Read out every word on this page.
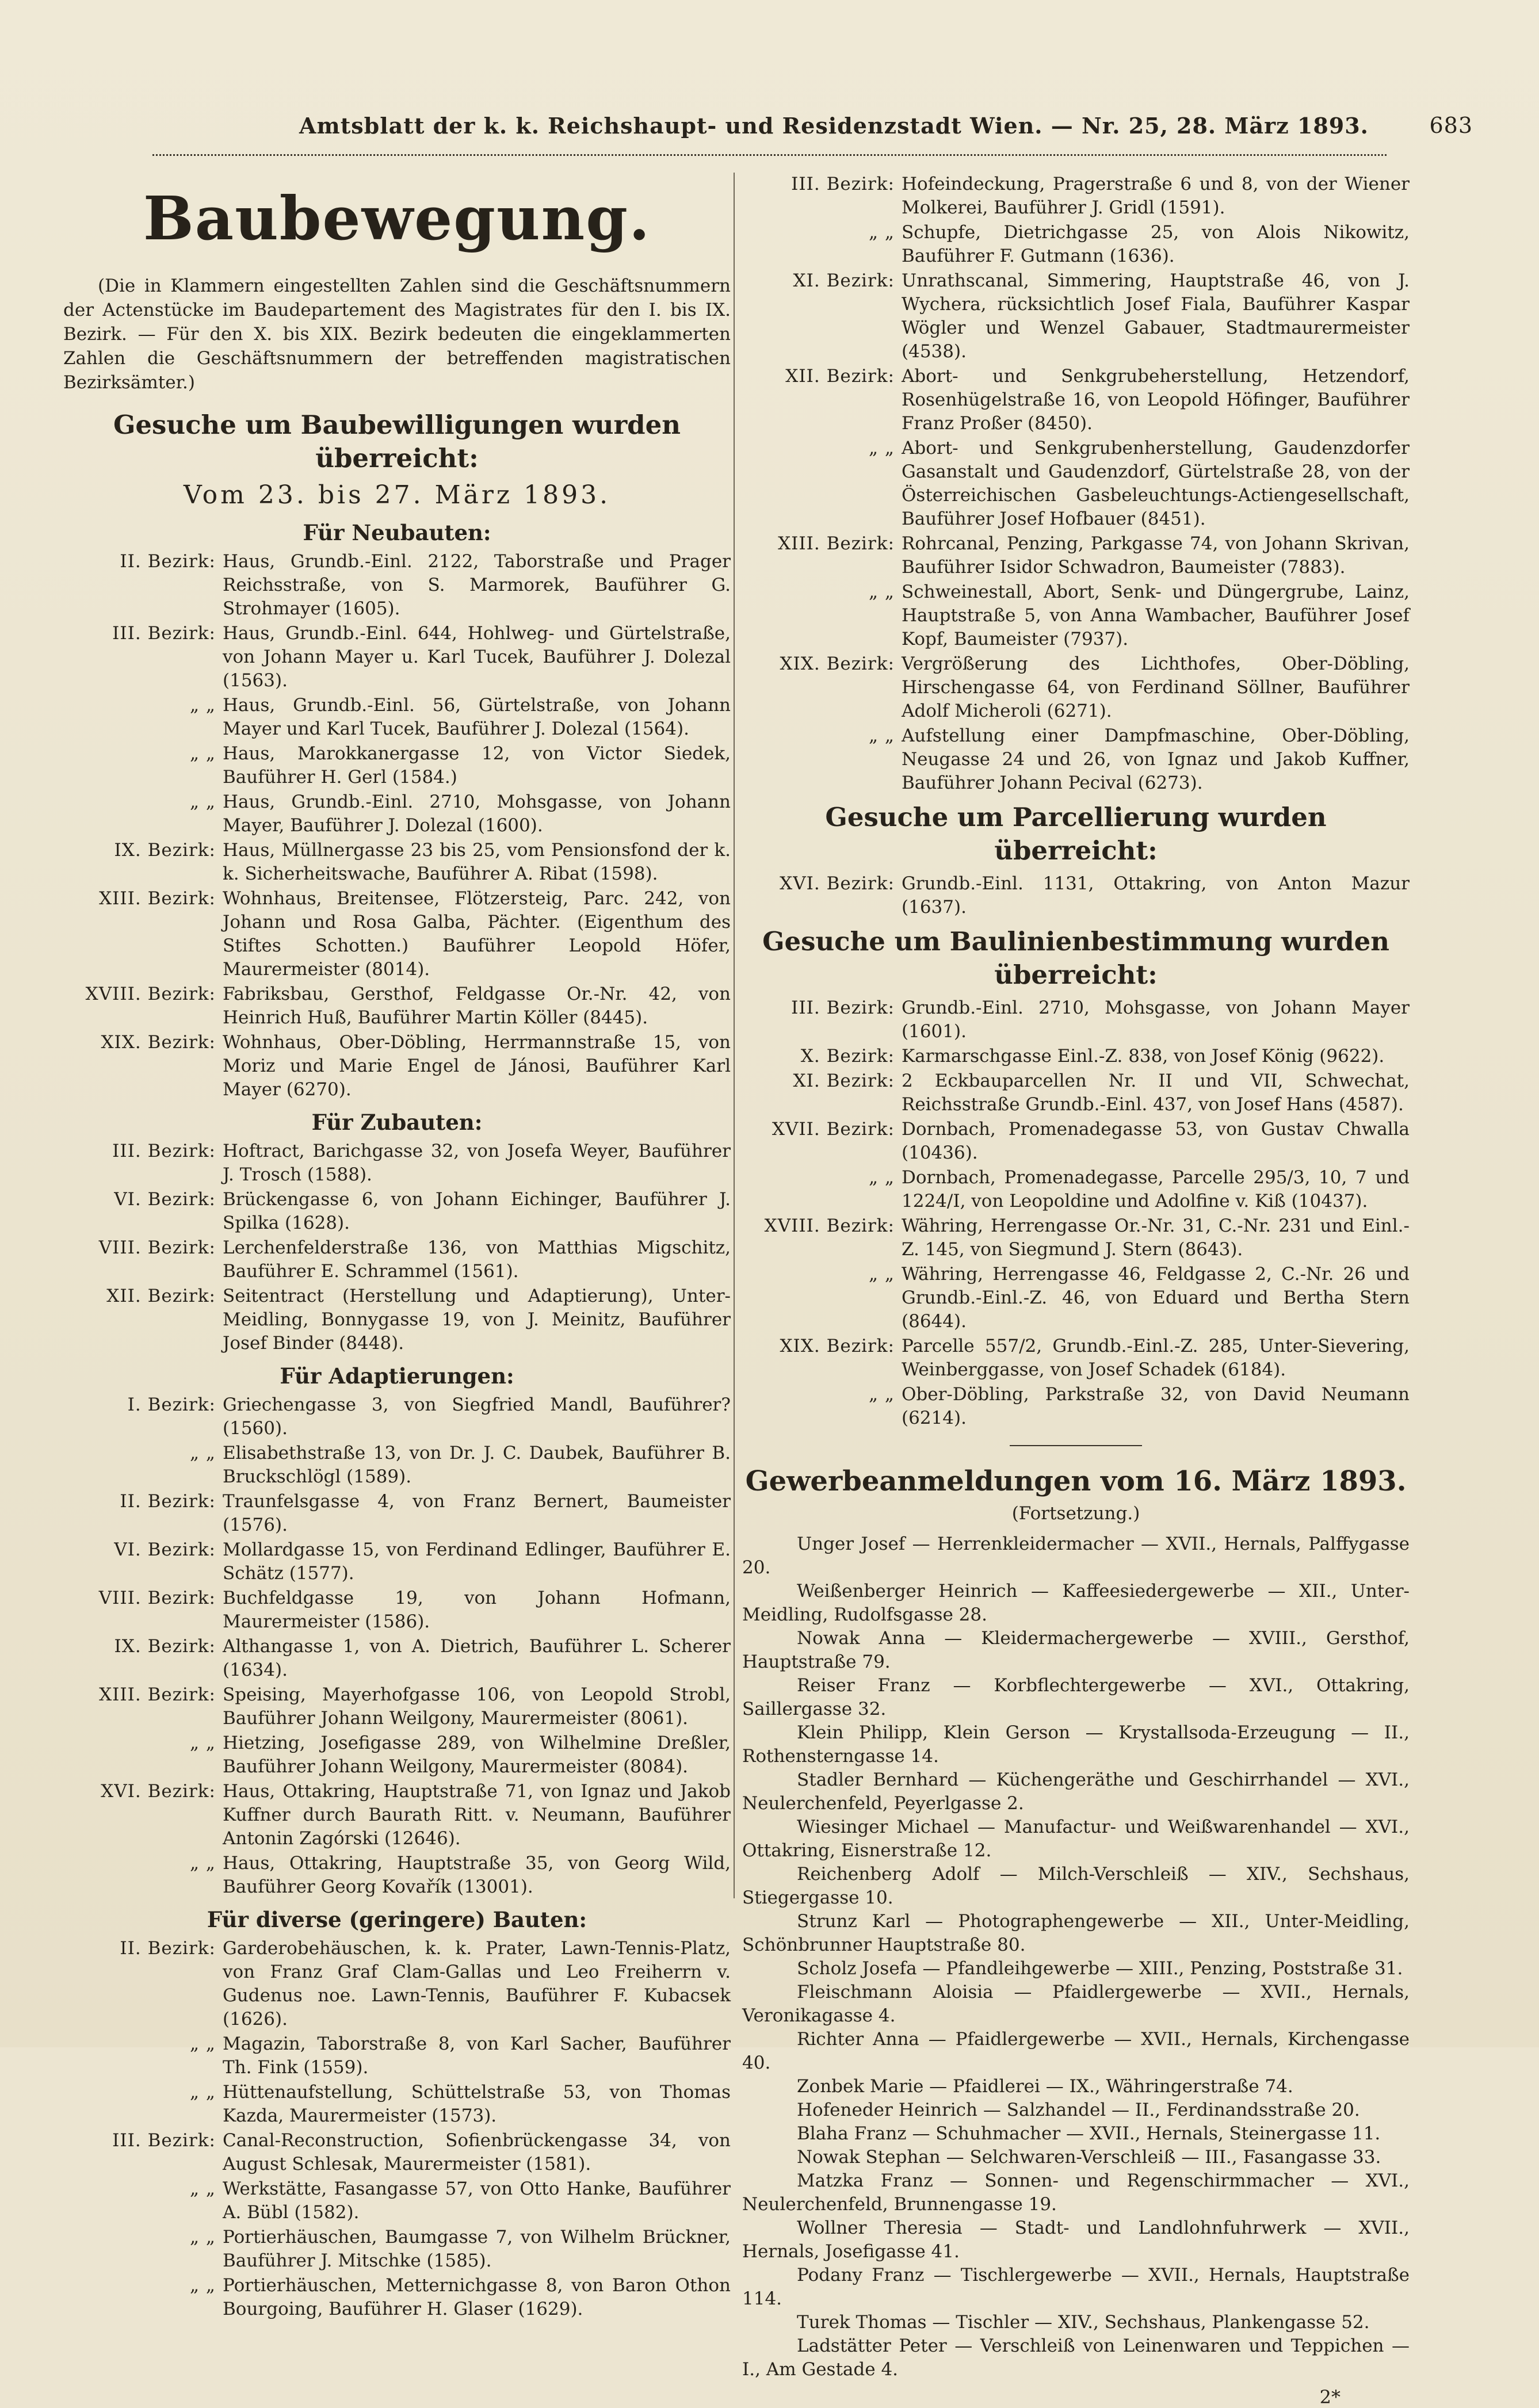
Amtsblatt der k. k. Reichshaupt- und Residenzstadt Wien. — Nr. 25, 28. März 1893.	683
Baubewegung.

(Die in Klammern eingestellten Zahlen sind die Geschäftsnummern der Actenstücke im Baudepartement des Magistrates für den I. bis IX. Bezirk. — Für den X. bis XIX. Bezirk bedeuten die eingeklammerten Zahlen die Geschäftsnummern der betreffenden magistratischen Bezirksämter.)

Gesuche um Baubewilligungen wurden überreicht:
Vom 23. bis 27. März 1893.
Für Neubauten:
II. Bezirk: Haus, Grundb.-Einl. 2122, Taborstraße und Prager Reichsstraße, von S. Marmorek, Bauführer G. Strohmayer (1605).
III. Bezirk: Haus, Grundb.-Einl. 644, Hohlweg- und Gürtelstraße, von Johann Mayer u. Karl Tucek, Bauführer J. Dolezal (1563).
„ „ Haus, Grundb.-Einl. 56, Gürtelstraße, von Johann Mayer und Karl Tucek, Bauführer J. Dolezal (1564).
„ „ Haus, Marokkanergasse 12, von Victor Siedek, Bauführer H. Gerl (1584.)
„ „ Haus, Grundb.-Einl. 2710, Mohsgasse, von Johann Mayer, Bauführer J. Dolezal (1600).
IX. Bezirk: Haus, Müllnergasse 23 bis 25, vom Pensionsfond der k. k. Sicherheitswache, Bauführer A. Ribat (1598).
XIII. Bezirk: Wohnhaus, Breitensee, Flötzersteig, Parc. 242, von Johann und Rosa Galba, Pächter. (Eigenthum des Stiftes Schotten.) Bauführer Leopold Höfer, Maurermeister (8014).
XVIII. Bezirk: Fabriksbau, Gersthof, Feldgasse Or.-Nr. 42, von Heinrich Huß, Bauführer Martin Köller (8445).
XIX. Bezirk: Wohnhaus, Ober-Döbling, Herrmannstraße 15, von Moriz und Marie Engel de Jánosi, Bauführer Karl Mayer (6270).
Für Zubauten:
III. Bezirk: Hoftract, Barichgasse 32, von Josefa Weyer, Bauführer J. Trosch (1588).
VI. Bezirk: Brückengasse 6, von Johann Eichinger, Bauführer J. Spilka (1628).
VIII. Bezirk: Lerchenfelderstraße 136, von Matthias Migschitz, Bauführer E. Schrammel (1561).
XII. Bezirk: Seitentract (Herstellung und Adaptierung), Unter-Meidling, Bonnygasse 19, von J. Meinitz, Bauführer Josef Binder (8448).
Für Adaptierungen:
I. Bezirk: Griechengasse 3, von Siegfried Mandl, Bauführer? (1560).
„ „ Elisabethstraße 13, von Dr. J. C. Daubek, Bauführer B. Bruckschlögl (1589).
II. Bezirk: Traunfelsgasse 4, von Franz Bernert, Baumeister (1576).
VI. Bezirk: Mollardgasse 15, von Ferdinand Edlinger, Bauführer E. Schätz (1577).
VIII. Bezirk: Buchfeldgasse 19, von Johann Hofmann, Maurermeister (1586).
IX. Bezirk: Althangasse 1, von A. Dietrich, Bauführer L. Scherer (1634).
XIII. Bezirk: Speising, Mayerhofgasse 106, von Leopold Strobl, Bauführer Johann Weilgony, Maurermeister (8061).
„ „ Hietzing, Josefigasse 289, von Wilhelmine Dreßler, Bauführer Johann Weilgony, Maurermeister (8084).
XVI. Bezirk: Haus, Ottakring, Hauptstraße 71, von Ignaz und Jakob Kuffner durch Baurath Ritt. v. Neumann, Bauführer Antonin Zagórski (12646).
„ „ Haus, Ottakring, Hauptstraße 35, von Georg Wild, Bauführer Georg Kovařík (13001).
Für diverse (geringere) Bauten:
II. Bezirk: Garderobehäuschen, k. k. Prater, Lawn-Tennis-Platz, von Franz Graf Clam-Gallas und Leo Freiherrn v. Gudenus noe. Lawn-Tennis, Bauführer F. Kubacsek (1626).
„ „ Magazin, Taborstraße 8, von Karl Sacher, Bauführer Th. Fink (1559).
„ „ Hüttenaufstellung, Schüttelstraße 53, von Thomas Kazda, Maurermeister (1573).
III. Bezirk: Canal-Reconstruction, Sofienbrückengasse 34, von August Schlesak, Maurermeister (1581).
„ „ Werkstätte, Fasangasse 57, von Otto Hanke, Bauführer A. Bübl (1582).
„ „ Portierhäuschen, Baumgasse 7, von Wilhelm Brückner, Bauführer J. Mitschke (1585).
„ „ Portierhäuschen, Metternichgasse 8, von Baron Othon Bourgoing, Bauführer H. Glaser (1629).
III. Bezirk: Hofeindeckung, Pragerstraße 6 und 8, von der Wiener Molkerei, Bauführer J. Gridl (1591).
„ „ Schupfe, Dietrichgasse 25, von Alois Nikowitz, Bauführer F. Gutmann (1636).
XI. Bezirk: Unrathscanal, Simmering, Hauptstraße 46, von J. Wychera, rücksichtlich Josef Fiala, Bauführer Kaspar Wögler und Wenzel Gabauer, Stadtmaurermeister (4538).
XII. Bezirk: Abort- und Senkgrubeherstellung, Hetzendorf, Rosenhügelstraße 16, von Leopold Höfinger, Bauführer Franz Proßer (8450).
„ „ Abort- und Senkgrubenherstellung, Gaudenzdorfer Gasanstalt und Gaudenzdorf, Gürtelstraße 28, von der Österreichischen Gasbeleuchtungs-Actiengesellschaft, Bauführer Josef Hofbauer (8451).
XIII. Bezirk: Rohrcanal, Penzing, Parkgasse 74, von Johann Skrivan, Bauführer Isidor Schwadron, Baumeister (7883).
„ „ Schweinestall, Abort, Senk- und Düngergrube, Lainz, Hauptstraße 5, von Anna Wambacher, Bauführer Josef Kopf, Baumeister (7937).
XIX. Bezirk: Vergrößerung des Lichthofes, Ober-Döbling, Hirschengasse 64, von Ferdinand Söllner, Bauführer Adolf Micheroli (6271).
„ „ Aufstellung einer Dampfmaschine, Ober-Döbling, Neugasse 24 und 26, von Ignaz und Jakob Kuffner, Bauführer Johann Pecival (6273).
Gesuche um Parcellierung wurden überreicht:
XVI. Bezirk: Grundb.-Einl. 1131, Ottakring, von Anton Mazur (1637).
Gesuche um Baulinienbestimmung wurden überreicht:
III. Bezirk: Grundb.-Einl. 2710, Mohsgasse, von Johann Mayer (1601).
X. Bezirk: Karmarschgasse Einl.-Z. 838, von Josef König (9622).
XI. Bezirk: 2 Eckbauparcellen Nr. II und VII, Schwechat, Reichsstraße Grundb.-Einl. 437, von Josef Hans (4587).
XVII. Bezirk: Dornbach, Promenadegasse 53, von Gustav Chwalla (10436).
„ „ Dornbach, Promenadegasse, Parcelle 295/3, 10, 7 und 1224/I, von Leopoldine und Adolfine v. Kiß (10437).
XVIII. Bezirk: Währing, Herrengasse Or.-Nr. 31, C.-Nr. 231 und Einl.-Z. 145, von Siegmund J. Stern (8643).
„ „ Währing, Herrengasse 46, Feldgasse 2, C.-Nr. 26 und Grundb.-Einl.-Z. 46, von Eduard und Bertha Stern (8644).
XIX. Bezirk: Parcelle 557/2, Grundb.-Einl.-Z. 285, Unter-Sievering, Weinberggasse, von Josef Schadek (6184).
„ „ Ober-Döbling, Parkstraße 32, von David Neumann (6214).
Gewerbeanmeldungen vom 16. März 1893.
(Fortsetzung.)

Unger Josef — Herrenkleidermacher — XVII., Hernals, Palffygasse 20.

Weißenberger Heinrich — Kaffeesiedergewerbe — XII., Unter-Meidling, Rudolfsgasse 28.

Nowak Anna — Kleidermachergewerbe — XVIII., Gersthof, Hauptstraße 79.

Reiser Franz — Korbflechtergewerbe — XVI., Ottakring, Saillergasse 32.

Klein Philipp, Klein Gerson — Krystallsoda-Erzeugung — II., Rothensterngasse 14.

Stadler Bernhard — Küchengeräthe und Geschirrhandel — XVI., Neulerchenfeld, Peyerlgasse 2.

Wiesinger Michael — Manufactur- und Weißwarenhandel — XVI., Ottakring, Eisnerstraße 12.

Reichenberg Adolf — Milch-Verschleiß — XIV., Sechshaus, Stiegergasse 10.

Strunz Karl — Photographengewerbe — XII., Unter-Meidling, Schönbrunner Hauptstraße 80.

Scholz Josefa — Pfandleihgewerbe — XIII., Penzing, Poststraße 31.

Fleischmann Aloisia — Pfaidlergewerbe — XVII., Hernals, Veronikagasse 4.

Richter Anna — Pfaidlergewerbe — XVII., Hernals, Kirchengasse 40.

Zonbek Marie — Pfaidlerei — IX., Währingerstraße 74.

Hofeneder Heinrich — Salzhandel — II., Ferdinandsstraße 20.

Blaha Franz — Schuhmacher — XVII., Hernals, Steinergasse 11.

Nowak Stephan — Selchwaren-Verschleiß — III., Fasangasse 33.

Matzka Franz — Sonnen- und Regenschirmmacher — XVI., Neulerchenfeld, Brunnengasse 19.

Wollner Theresia — Stadt- und Landlohnfuhrwerk — XVII., Hernals, Josefigasse 41.

Podany Franz — Tischlergewerbe — XVII., Hernals, Hauptstraße 114.

Turek Thomas — Tischler — XIV., Sechshaus, Plankengasse 52.

Ladstätter Peter — Verschleiß von Leinenwaren und Teppichen — I., Am Gestade 4.

2*
